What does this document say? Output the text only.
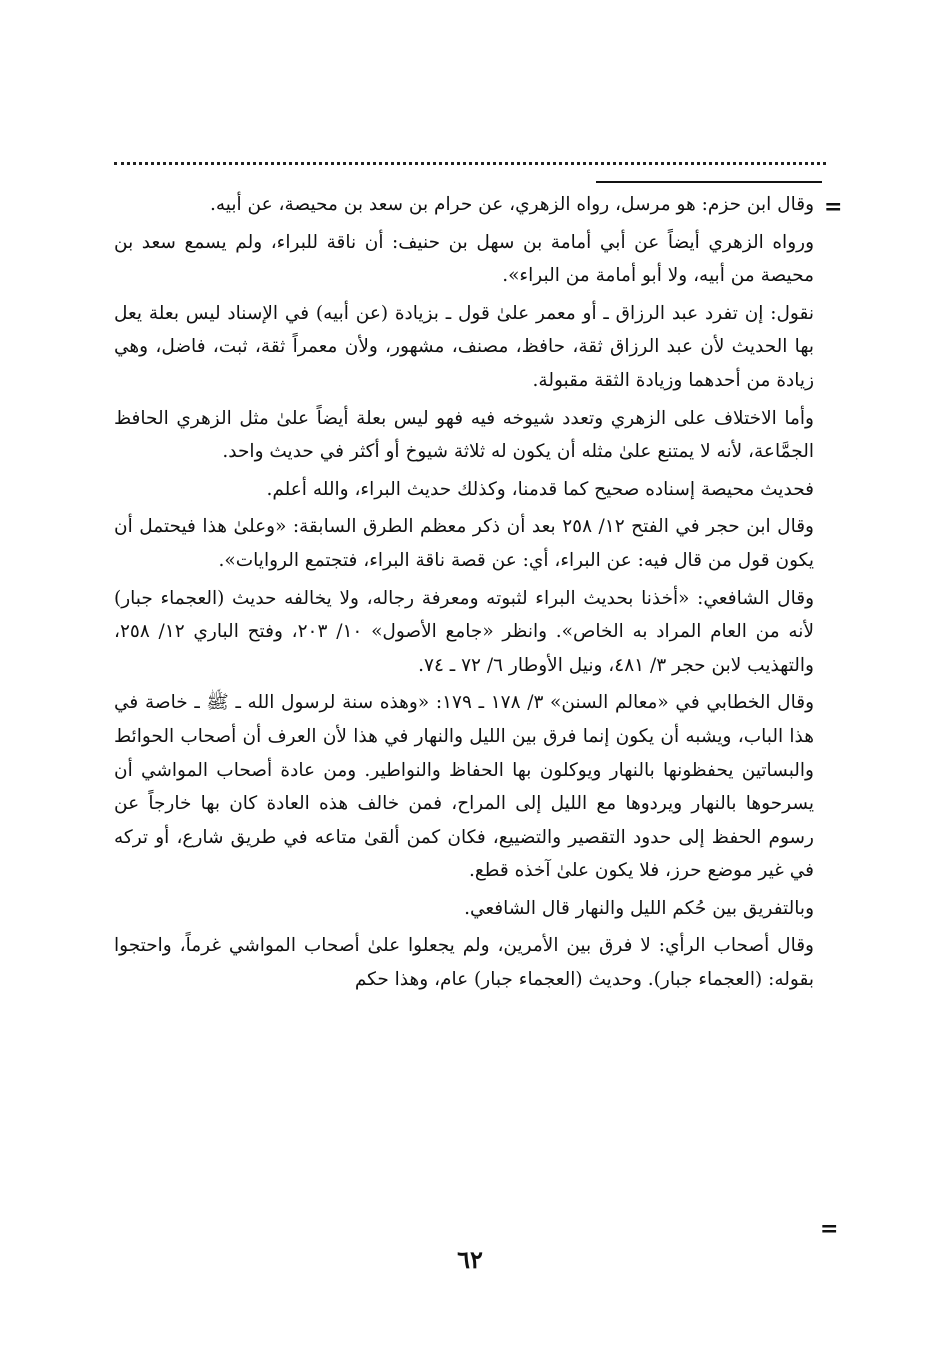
=

وقال ابن حزم: هو مرسل، رواه الزهري، عن حرام بن سعد بن محيصة، عن أبيه.

ورواه الزهري أيضاً عن أبي أمامة بن سهل بن حنيف: أن ناقة للبراء، ولم يسمع سعد بن محيصة من أبيه، ولا أبو أمامة من البراء».

نقول: إن تفرد عبد الرزاق ـ أو معمر علىٰ قول ـ بزيادة (عن أبيه) في الإسناد ليس بعلة يعل بها الحديث لأن عبد الرزاق ثقة، حافظ، مصنف، مشهور، ولأن معمراً ثقة، ثبت، فاضل، وهي زيادة من أحدهما وزيادة الثقة مقبولة.

وأما الاختلاف على الزهري وتعدد شيوخه فيه فهو ليس بعلة أيضاً علىٰ مثل الزهري الحافظ الجمَّاعة، لأنه لا يمتنع علىٰ مثله أن يكون له ثلاثة شيوخ أو أكثر في حديث واحد.

فحديث محيصة إسناده صحيح كما قدمنا، وكذلك حديث البراء، والله أعلم.

وقال ابن حجر في الفتح ١٢/ ٢٥٨ بعد أن ذكر معظم الطرق السابقة: «وعلىٰ هذا فيحتمل أن يكون قول من قال فيه: عن البراء، أي: عن قصة ناقة البراء، فتجتمع الروايات».

وقال الشافعي: «أخذنا بحديث البراء لثبوته ومعرفة رجاله، ولا يخالفه حديث (العجماء جبار) لأنه من العام المراد به الخاص». وانظر «جامع الأصول» ١٠/ ٢٠٣، وفتح الباري ١٢/ ٢٥٨، والتهذيب لابن حجر ٣/ ٤٨١، ونيل الأوطار ٦/ ٧٢ ـ ٧٤.

وقال الخطابي في «معالم السنن» ٣/ ١٧٨ ـ ١٧٩: «وهذه سنة لرسول الله ـ ﷺ ـ خاصة في هذا الباب، ويشبه أن يكون إنما فرق بين الليل والنهار في هذا لأن العرف أن أصحاب الحوائط والبساتين يحفظونها بالنهار ويوكلون بها الحفاظ والنواطير. ومن عادة أصحاب المواشي أن يسرحوها بالنهار ويردوها مع الليل إلى المراح، فمن خالف هذه العادة كان بها خارجاً عن رسوم الحفظ إلى حدود التقصير والتضييع، فكان كمن ألقىٰ متاعه في طريق شارع، أو تركه في غير موضع حرز، فلا يكون علىٰ آخذه قطع.

وبالتفريق بين حُكم الليل والنهار قال الشافعي.

وقال أصحاب الرأي: لا فرق بين الأمرين، ولم يجعلوا علىٰ أصحاب المواشي غرماً، واحتجوا بقوله: (العجماء جبار). وحديث (العجماء جبار) عام، وهذا حكم

=
٦٢
